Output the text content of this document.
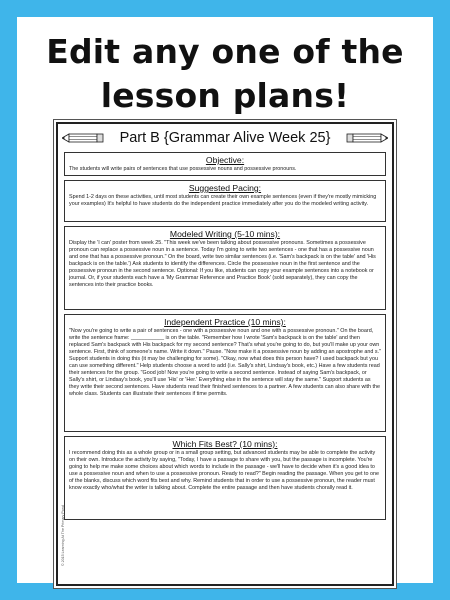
Edit any one of the
lesson plans!
Part B {Grammar Alive Week 25}
Objective:

The students will write pairs of sentences that use possessive nouns and possessive pronouns.

Suggested Pacing:

Spend 1-2 days on these activities, until most students can create their own example sentences (even if they're mostly mimicking your examples) It's helpful to have students do the independent practice immediately after you do the modeled writing activity.

Modeled Writing (5-10 mins):

Display the 'I can' poster from week 25. "This week we've been talking about possessive pronouns. Sometimes a possessive pronoun can replace a possessive noun in a sentence. Today I'm going to write two sentences - one that has a possessive noun and one that has a possessive pronoun." On the board, write two similar sentences (i.e. 'Sam's backpack is on the table' and 'His backpack is on the table.') Ask students to identify the differences. Circle the possessive noun in the first sentence and the possessive pronoun in the second sentence. Optional: If you like, students can copy your example sentences into a notebook or journal. Or, if your students each have a 'My Grammar Reference and Practice Book' (sold separately), they can copy the sentences into their practice books.

Independent Practice (10 mins):

"Now you're going to write a pair of sentences - one with a possessive noun and one with a possessive pronoun." On the board, write the sentence frame: ___________ is on the table. "Remember how I wrote 'Sam's backpack is on the table' and then replaced Sam's backpack with His backpack for my second sentence? That's what you're going to do, but you'll make up your own sentence. First, think of someone's name. Write it down." Pause. "Now make it a possessive noun by adding an apostrophe and s." Support students in doing this (it may be challenging for some). "Okay, now what does this person have? I used backpack but you can use something different." Help students choose a word to add (i.e. Sally's shirt, Lindsay's book, etc.) Have a few students read their sentences for the group. "Good job! Now you're going to write a second sentence. Instead of saying Sam's backpack, or Sally's shirt, or Lindsay's book, you'll use 'His' or 'Her.' Everything else in the sentence will stay the same." Support students as they write their second sentences. Have students read their finished sentences to a partner. A few students can also share with the whole class. Students can illustrate their sentences if time permits.

Which Fits Best? (10 mins):

I recommend doing this as a whole group or in a small group setting, but advanced students may be able to complete the activity on their own. Introduce the activity by saying, "Today, I have a passage to share with you, but the passage is incomplete. You're going to help me make some choices about which words to include in the passage - we'll have to decide when it's a good idea to use a possessive noun and when to use a possessive pronoun. Ready to read?" Begin reading the passage. When you get to one of the blanks, discuss which word fits best and why. Remind students that in order to use a possessive pronoun, the reader must know exactly who/what the writer is talking about. Complete the entire passage and then have students chorally read it.

© 2015 Learning At The Primary Pond
